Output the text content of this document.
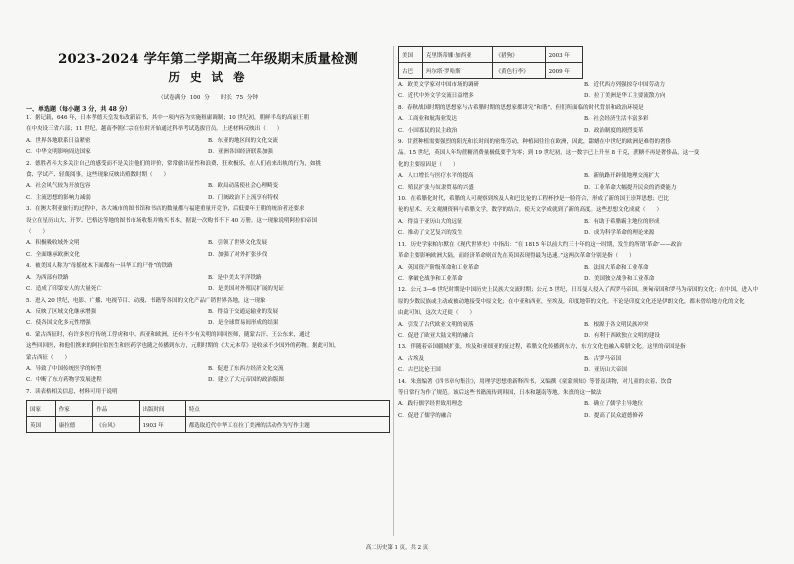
2023-2024 学年第二学期高二年级期末质量检测
历 史 试 卷
（试卷满分 100 分　　时长 75 分钟
一、单选题（每小题 3 分，共 48 分）

1．据记载，646 年，日本孝德天皇发布改新诏书，其中一项内容为实施租庸调制；10 世纪初，朝鲜半岛的高丽王朝

在中央设三省六部；11 世纪，越南李朝仁宗在位时开始通过科举考试选拔官员。上述材料反映出（　　）

A．世界各地联系日益紧密	B．东亚的地区间的文化交流
C．中华文明影响周边国家	D．亚洲各国经济联系加强

2．德胜者斗大多关注自己的感受而不是关注他们的评价，常常偷出征性和浪费、狂欢极乐，在人们看来出轨的行为，如挑

食、学试产、轻蔑阅事，这些现象反映出殖数时期（　　）

A．社会风气较为开放包容	B．欧局动荡使社会心理畸变
C．主流思想的影响力减弱	D．门阀政治下上流享有特权

3．在澳大利亚旅行的过程中，各大城市的图书馆和书店的数量都与福建重量开竞争，后低要年王朝的统治者还要求

设立在星历山大、开罗、巴格达等地的图书市场收集并购买书本，据说一次购书不下 40 万册。这一现象说明阿拉伯帝国

（　　）

A．积极吸收域外文明	B．引领了世界文化发展
C．全面继承欧洲文化	D．加强了对外扩张步伐

4．被美国人称为“母摇枕木下面都有一具华工的尸骨”的铁路

A．为西部有铁路	B．是中美太平洋铁路
C．造成了印第安人的大量死亡	D．是美国对外殖民扩展的见证

5．进入 20 世纪，电影、广播、电视节目、动漫、书籍等各国的文化产品广销世界各地，这一现象

A．反映了区域文化继承增强	B．得益于交通运输业的发展
C．使各国文化多元性增强	D．是全球贸易间形成的结果

6．蒙古西征时，有许多医疗传统工俘虏和中、西亚和欧洲，还有不少有关明的回回医师，随蒙古汗、王公东来，通过

这些回回医，和他们携来的阿拉伯医生和医药学也随之传播到东方，元朝时期的《大元本草》是收录不少国外的药物。据此可知，

蒙古西征（　　）

A．导致了中国传统医学的转型	B．促进了东西方经济文化交流
C．中断了东方药物学发展进程	D．建立了大元帝国的政治版图

7．读表格相关信息，材料可用于说明

国家	作家	作品	出版时间	特点
英国	康拉德	《台风》	1903 年	都选取近代中华工在拉丁美洲的活动作为写作主题
美国	克里斯蒂娜·加西亚	《猎狗》	2003 年
古巴	玛尔塔·罗哈斯	《黄色行李》	2009 年
A．欧美文学家对中国市场的调研	B．近代西方列强掠夺中国劳动力
C．近代中外文学交流日益增多	D．拉丁美洲是华工主要流散方向

8．春秋战国时期的思想家与古希腊时期的思想家都讲究“和谐”，但们所面临的时代背景和政治环境是

A．工商业和航海业发达	B．社会经济生活丰富多彩
C．小国寡民的民主政治	D．政治制度的剧烈变革

9．甘蔗种植需要强烈的阳光和长时间的密集劳动，种植园往往在欧洲，因此，甜蜡在中世纪的欧洲是难得的奢侈

品。15 世纪，英国人年均蔗糖消费量极低要乎为零；到 19 世纪初，这一数字已上升至 8 千克，蔗糖不再是奢侈品，这一变

化的主要原因是（　　）

A．人口增长与医疗水平的提高	B．新航路开辟使地理交流扩大
C．殖民扩张与奴隶贸易的兴盛	D．工业革命大幅提升民众的消费能力

10．在希腊化时代，希腊的人可观察到埃及人和巴比伦的工程杯抄是一脸符合，形成了新的国王崇拜思想；巴比

伦的星术、天文观测资料与希腊文学，数学的结合，使天文学成就到了新的高度。这些思想文化成就（　　）

A．得益于亚历山大的远征	B．有助于希腊霸主地位的形成
C．推动了文艺复兴的发生	D．成为科学革命的理论来源

11．历史学家帕尔默在《现代世界史》中指出：“在 1815 年以前大约三十年的这一时期，发生的所谓‘革命’——政治

革命主要影响欧洲大陆，而经济革命则首先在英国表现得最为迅速。”这两次革命分别是指（　　）

A．英国资产阶级革命和工业革命	B．法国大革命和工业革命
C．拿破仑战争和工业革命	D．美国独立战争和工业革命

12．公元 3—6 世纪时期是中国历史上民族大交流时期；公元 5 世纪，日耳曼人侵入了西罗马帝国，奥匈帝国和罗马为帝国的文化；在中国，进入中

原的少数民族或主动或被动地接受中原文化；在中亚和西亚，至埃及，印度地带的文化。不论是印度文化还是伊朗文化，都未曾给地方化的文化

由此可知，这次大迁徙（　　）

A．引发了古代欧亚文明的衰落	B．根源于各文明民族冲突
C．促进了欧亚大陆文明的融合	D．有利于西欧独立文明的建设

13．伴随着帝国疆域扩张，埃及和亚细亚的征过程，希腊文化传播到东方，东方文化也融入希腊文化。这里的帝国是指

A．古埃及	B．古罗马帝国
C．古巴比伦王国	D．亚历山大帝国

14．朱熹编著《四书章句集注》，用理学思想重新释四书，又编撰《童蒙须知》等普及读物，对儿童的衣着、饮食

等日常行为作了规范。该后这些书籍流传到韩国、日本和越南等地。朱熹的这一做法

A．践行儒学经世致用理念	B．确立了儒学主导地位
C．促进了儒学的融合	D．提高了民众道德修养
高二历史第 1 页，共 2 页
